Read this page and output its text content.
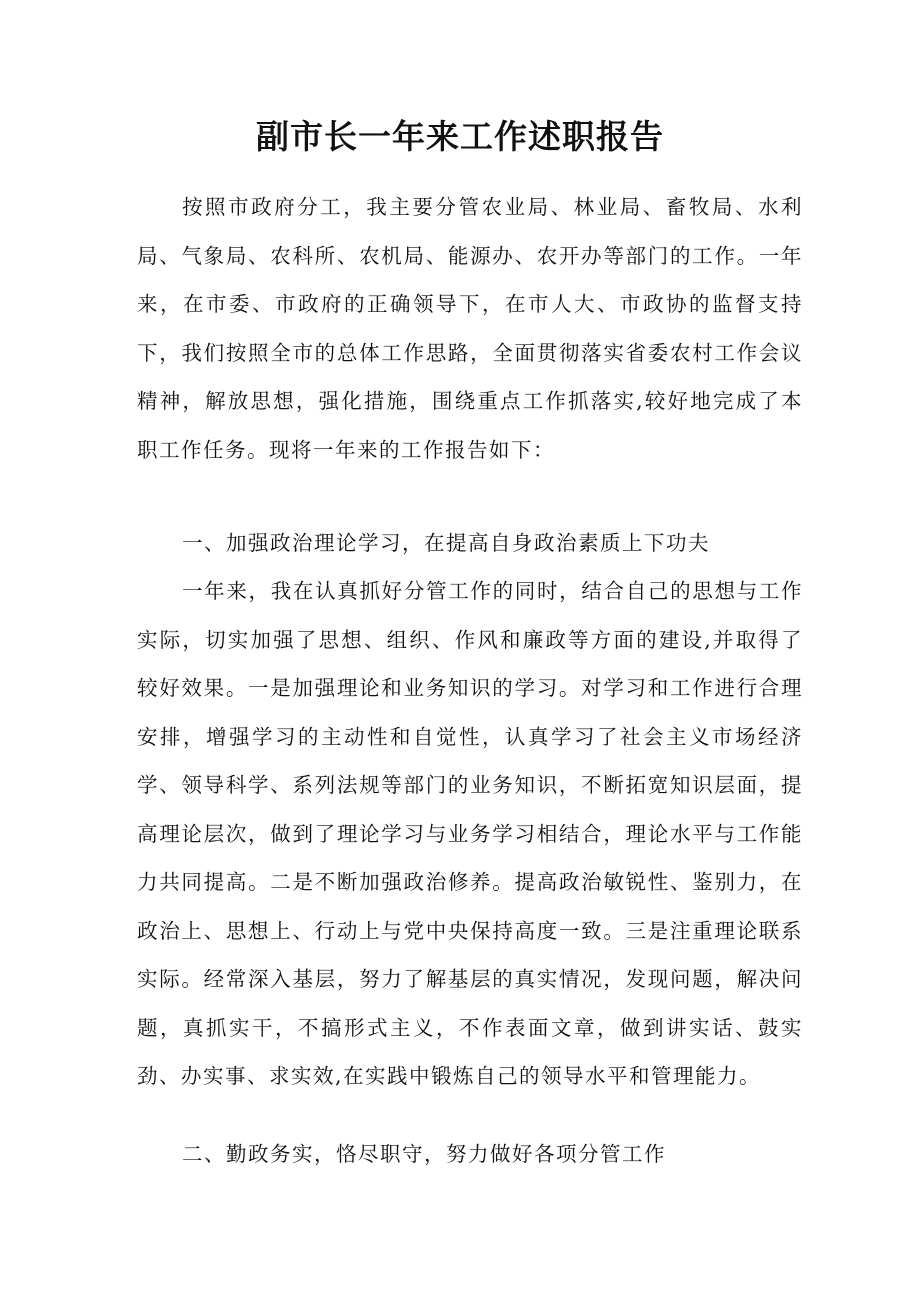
副市长一年来工作述职报告

按照市政府分工，我主要分管农业局、林业局、畜牧局、水利局、气象局、农科所、农机局、能源办、农开办等部门的工作。一年来，在市委、市政府的正确领导下，在市人大、市政协的监督支持下，我们按照全市的总体工作思路，全面贯彻落实省委农村工作会议精神，解放思想，强化措施，围绕重点工作抓落实,较好地完成了本职工作任务。现将一年来的工作报告如下：

一、加强政治理论学习，在提高自身政治素质上下功夫

一年来，我在认真抓好分管工作的同时，结合自己的思想与工作实际，切实加强了思想、组织、作风和廉政等方面的建设,并取得了较好效果。一是加强理论和业务知识的学习。对学习和工作进行合理安排，增强学习的主动性和自觉性，认真学习了社会主义市场经济学、领导科学、系列法规等部门的业务知识，不断拓宽知识层面，提高理论层次，做到了理论学习与业务学习相结合，理论水平与工作能力共同提高。二是不断加强政治修养。提高政治敏锐性、鉴别力，在政治上、思想上、行动上与党中央保持高度一致。三是注重理论联系实际。经常深入基层，努力了解基层的真实情况，发现问题，解决问题，真抓实干，不搞形式主义，不作表面文章，做到讲实话、鼓实劲、办实事、求实效,在实践中锻炼自己的领导水平和管理能力。

二、勤政务实，恪尽职守，努力做好各项分管工作
